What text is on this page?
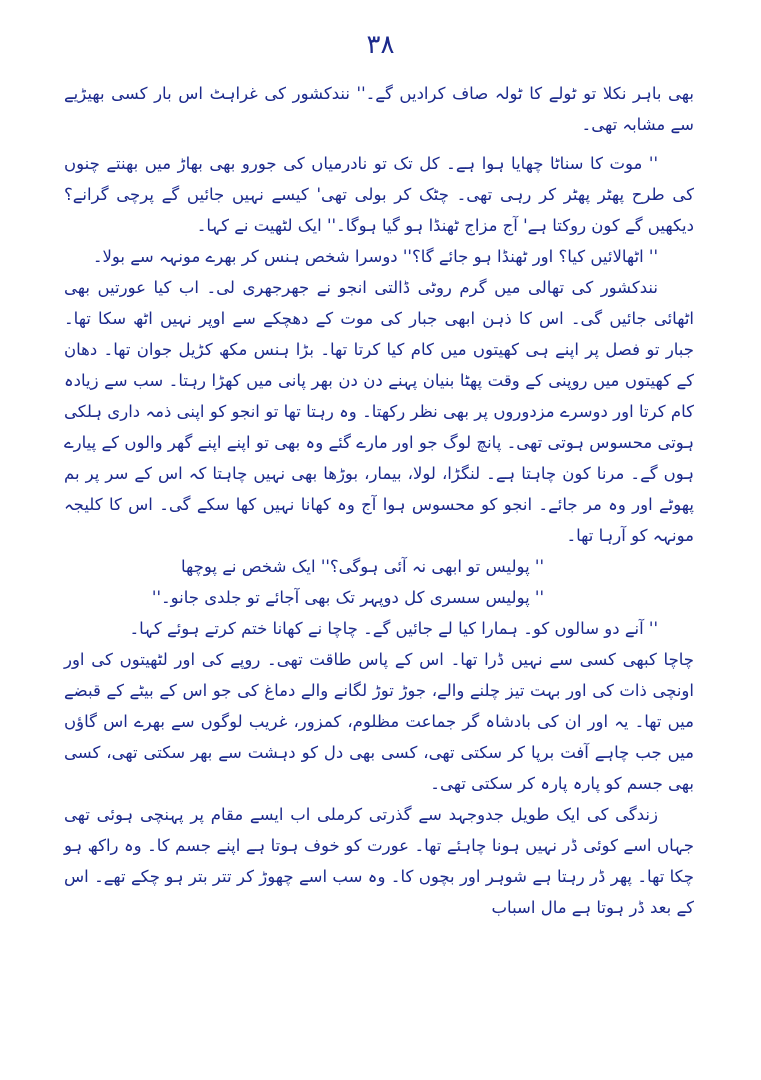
۳۸

بھی باہر نکلا تو ٹولے کا ٹولہ صاف کرادیں گے۔'' نندکشور کی غراہٹ اس بار کسی بھیڑیے سے مشابہ تھی۔

'' موت کا سناٹا چھایا ہوا ہے۔ کل تک تو نادرمیاں کی جورو بھی بھاڑ میں بھنتے چنوں کی طرح پھٹر پھٹر کر رہی تھی۔ چٹک کر بولی تھی' کیسے نہیں جائیں گے پرچی گرانے؟ دیکھیں گے کون روکتا ہے' آج مزاج ٹھنڈا ہو گیا ہوگا۔'' ایک لٹھیت نے کہا۔

'' اٹھالائیں کیا؟ اور ٹھنڈا ہو جائے گا؟'' دوسرا شخص ہنس کر بھرے مونہہ سے بولا۔

نندکشور کی تھالی میں گرم روٹی ڈالتی انجو نے جھرجھری لی۔ اب کیا عورتیں بھی اٹھائی جائیں گی۔ اس کا ذہن ابھی جبار کی موت کے دھچکے سے اوپر نہیں اٹھ سکا تھا۔ جبار تو فصل پر اپنے ہی کھیتوں میں کام کیا کرتا تھا۔ بڑا ہنس مکھ کڑیل جوان تھا۔ دھان کے کھیتوں میں روپنی کے وقت پھٹا بنیان پہنے دن دن بھر پانی میں کھڑا رہتا۔ سب سے زیادہ کام کرتا اور دوسرے مزدوروں پر بھی نظر رکھتا۔ وہ رہتا تھا تو انجو کو اپنی ذمہ داری ہلکی ہوتی محسوس ہوتی تھی۔ پانچ لوگ جو اور مارے گئے وہ بھی تو اپنے اپنے گھر والوں کے پیارے ہوں گے۔ مرنا کون چاہتا ہے۔ لنگڑا، لولا، بیمار، بوڑھا بھی نہیں چاہتا کہ اس کے سر پر بم پھوٹے اور وہ مر جائے۔ انجو کو محسوس ہوا آج وہ کھانا نہیں کھا سکے گی۔ اس کا کلیجہ مونہہ کو آرہا تھا۔

'' پولیس تو ابھی نہ آئی ہوگی؟'' ایک شخص نے پوچھا

'' پولیس سسری کل دوپہر تک بھی آجائے تو جلدی جانو۔''

'' آنے دو سالوں کو۔ ہمارا کیا لے جائیں گے۔ چاچا نے کھانا ختم کرتے ہوئے کہا۔

چاچا کبھی کسی سے نہیں ڈرا تھا۔ اس کے پاس طاقت تھی۔ روپے کی اور لٹھیتوں کی اور اونچی ذات کی اور بہت تیز چلنے والے، جوڑ توڑ لگانے والے دماغ کی جو اس کے بیٹے کے قبضے میں تھا۔ یہ اور ان کی بادشاہ گر جماعت مظلوم، کمزور، غریب لوگوں سے بھرے اس گاؤں میں جب چاہے آفت برپا کر سکتی تھی، کسی بھی دل کو دہشت سے بھر سکتی تھی، کسی بھی جسم کو پارہ پارہ کر سکتی تھی۔

زندگی کی ایک طویل جدوجہد سے گذرتی کرملی اب ایسے مقام پر پہنچی ہوئی تھی جہاں اسے کوئی ڈر نہیں ہونا چاہئے تھا۔ عورت کو خوف ہوتا ہے اپنے جسم کا۔ وہ راکھ ہو چکا تھا۔ پھر ڈر رہتا ہے شوہر اور بچوں کا۔ وہ سب اسے چھوڑ کر تتر بتر ہو چکے تھے۔ اس کے بعد ڈر ہوتا ہے مال اسباب
